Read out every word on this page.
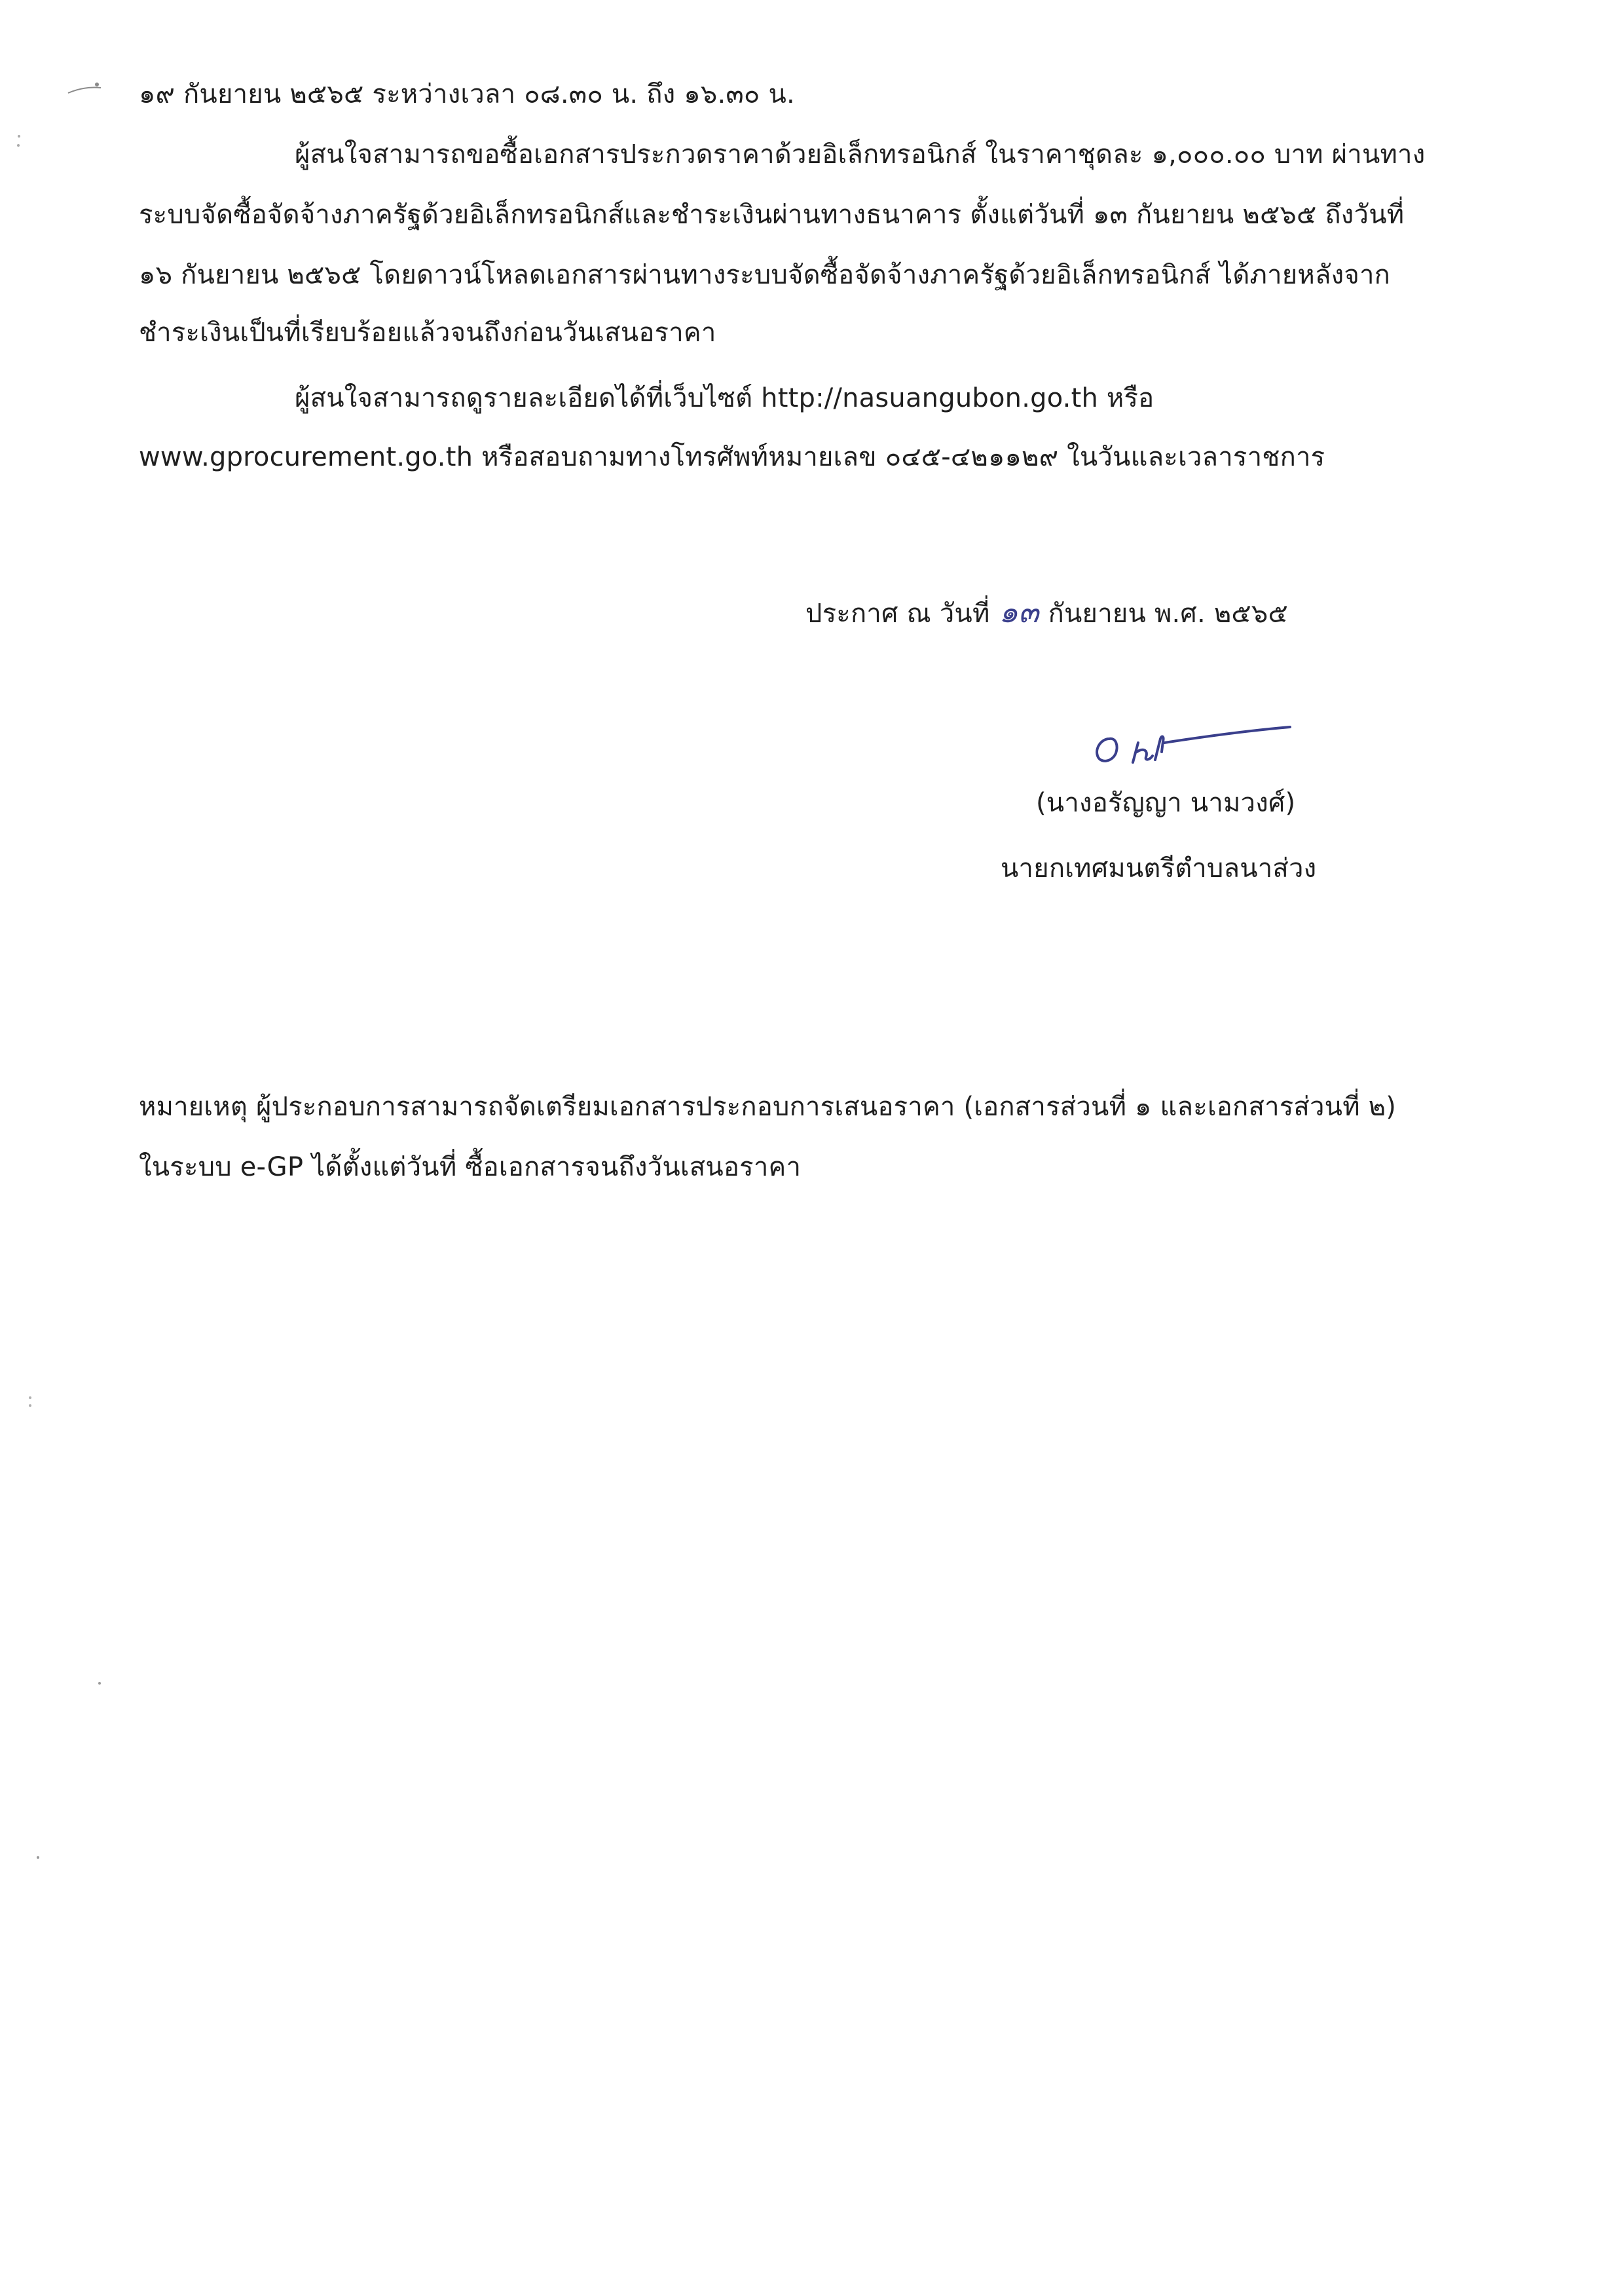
๑๙ กันยายน ๒๕๖๕ ระหว่างเวลา ๐๘.๓๐ น. ถึง ๑๖.๓๐ น.
ผู้สนใจสามารถขอซื้อเอกสารประกวดราคาด้วยอิเล็กทรอนิกส์ ในราคาชุดละ ๑,๐๐๐.๐๐ บาท ผ่านทาง
ระบบจัดซื้อจัดจ้างภาครัฐด้วยอิเล็กทรอนิกส์และชำระเงินผ่านทางธนาคาร ตั้งแต่วันที่ ๑๓ กันยายน ๒๕๖๕ ถึงวันที่
๑๖ กันยายน ๒๕๖๕ โดยดาวน์โหลดเอกสารผ่านทางระบบจัดซื้อจัดจ้างภาครัฐด้วยอิเล็กทรอนิกส์ ได้ภายหลังจาก
ชำระเงินเป็นที่เรียบร้อยแล้วจนถึงก่อนวันเสนอราคา
ผู้สนใจสามารถดูรายละเอียดได้ที่เว็บไซต์ http://nasuangubon.go.th หรือ
www.gprocurement.go.th หรือสอบถามทางโทรศัพท์หมายเลข ๐๔๕-๔๒๑๑๒๙ ในวันและเวลาราชการ
ประกาศ ณ วันที่ ๑๓ กันยายน พ.ศ. ๒๕๖๕
(นางอรัญญา นามวงศ์)
นายกเทศมนตรีตำบลนาส่วง
หมายเหตุ ผู้ประกอบการสามารถจัดเตรียมเอกสารประกอบการเสนอราคา (เอกสารส่วนที่ ๑ และเอกสารส่วนที่ ๒)
ในระบบ e-GP ได้ตั้งแต่วันที่ ซื้อเอกสารจนถึงวันเสนอราคา
